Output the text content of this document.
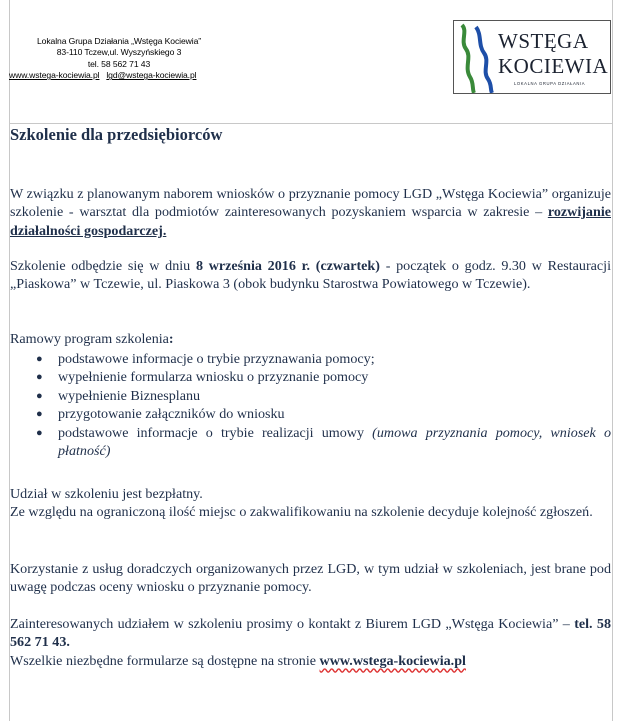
Lokalna Grupa Działania „Wstęga Kociewia”
83-110 Tczew,ul. Wyszyńskiego 3
tel. 58 562 71 43
www.wstega-kociewia.pl lgd@wstega-kociewia.pl
WSTĘGA
KOCIEWIA
LOKALNA GRUPA DZIAŁANIA
Szkolenie dla przedsiębiorców

W związku z planowanym naborem wniosków o przyznanie pomocy LGD „Wstęga Kociewia” organizuje szkolenie - warsztat dla podmiotów zainteresowanych pozyskaniem wsparcia w zakresie – rozwijanie działalności gospodarczej.

Szkolenie odbędzie się w dniu 8 września 2016 r. (czwartek) - początek o godz. 9.30 w Restauracji „Piaskowa” w Tczewie, ul. Piaskowa 3 (obok budynku Starostwa Powiatowego w Tczewie).

Ramowy program szkolenia:

● podstawowe informacje o trybie przyznawania pomocy;
● wypełnienie formularza wniosku o przyznanie pomocy
● wypełnienie Biznesplanu
● przygotowanie załączników do wniosku
● podstawowe informacje o trybie realizacji umowy (umowa przyznania pomocy, wniosek o płatność)
Udział w szkoleniu jest bezpłatny.
Ze względu na ograniczoną ilość miejsc o zakwalifikowaniu na szkolenie decyduje kolejność zgłoszeń.

Korzystanie z usług doradczych organizowanych przez LGD, w tym udział w szkoleniach, jest brane pod uwagę podczas oceny wniosku o przyznanie pomocy.

Zainteresowanych udziałem w szkoleniu prosimy o kontakt z Biurem LGD „Wstęga Kociewia” – tel. 58 562 71 43.
Wszelkie niezbędne formularze są dostępne na stronie www.wstega-kociewia.pl
